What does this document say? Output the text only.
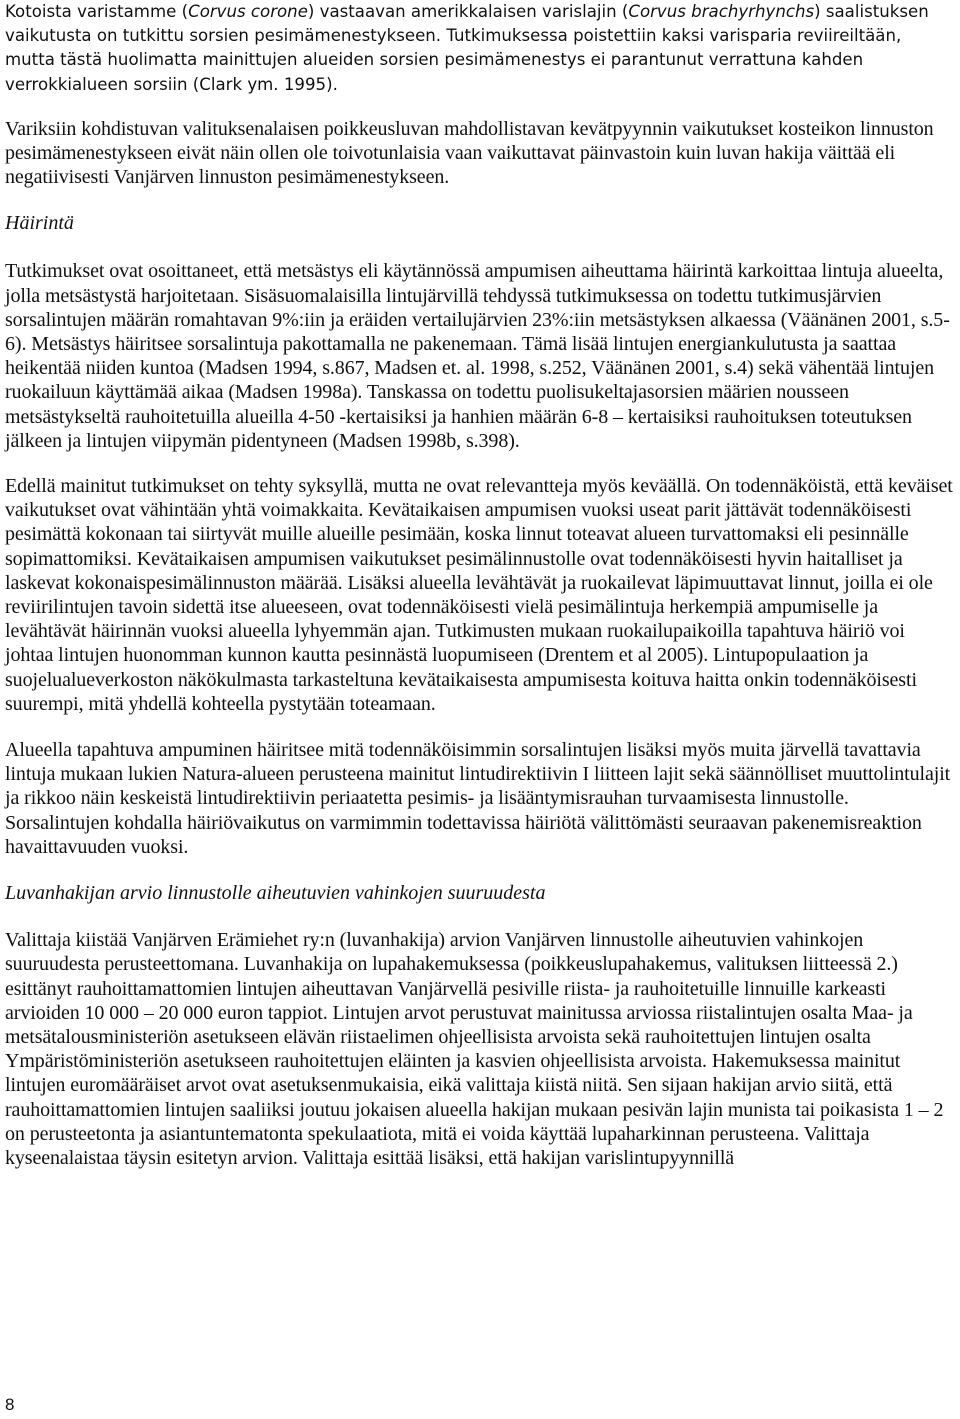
Kotoista varistamme (Corvus corone) vastaavan amerikkalaisen varislajin (Corvus brachyrhynchs) saalistuksen vaikutusta on tutkittu sorsien pesimämenestykseen. Tutkimuksessa poistettiin kaksi varisparia reviireiltään, mutta tästä huolimatta mainittujen alueiden sorsien pesimämenestys ei parantunut verrattuna kahden verrokkialueen sorsiin (Clark ym. 1995).

Variksiin kohdistuvan valituksenalaisen poikkeusluvan mahdollistavan kevätpyynnin vaikutukset kosteikon linnuston pesimämenestykseen eivät näin ollen ole toivotunlaisia vaan vaikuttavat päinvastoin kuin luvan hakija väittää eli negatiivisesti Vanjärven linnuston pesimämenestykseen.

Häirintä

Tutkimukset ovat osoittaneet, että metsästys eli käytännössä ampumisen aiheuttama häirintä karkoittaa lintuja alueelta, jolla metsästystä harjoitetaan. Sisäsuomalaisilla lintujärvillä tehdyssä tutkimuksessa on todettu tutkimusjärvien sorsalintujen määrän romahtavan 9%:iin ja eräiden vertailujärvien 23%:iin metsästyksen alkaessa (Väänänen 2001, s.5-6). Metsästys häiritsee sorsalintuja pakottamalla ne pakenemaan. Tämä lisää lintujen energiankulutusta ja saattaa heikentää niiden kuntoa (Madsen 1994, s.867, Madsen et. al. 1998, s.252, Väänänen 2001, s.4) sekä vähentää lintujen ruokailuun käyttämää aikaa (Madsen 1998a). Tanskassa on todettu puolisukeltajasorsien määrien nousseen metsästykseltä rauhoitetuilla alueilla 4-50 -kertaisiksi ja hanhien määrän 6-8 – kertaisiksi rauhoituksen toteutuksen jälkeen ja lintujen viipymän pidentyneen (Madsen 1998b, s.398).

Edellä mainitut tutkimukset on tehty syksyllä, mutta ne ovat relevantteja myös keväällä. On todennäköistä, että keväiset vaikutukset ovat vähintään yhtä voimakkaita. Kevätaikaisen ampumisen vuoksi useat parit jättävät todennäköisesti pesimättä kokonaan tai siirtyvät muille alueille pesimään, koska linnut toteavat alueen turvattomaksi eli pesinnälle sopimattomiksi. Kevätaikaisen ampumisen vaikutukset pesimälinnustolle ovat todennäköisesti hyvin haitalliset ja laskevat kokonaispesimälinnuston määrää. Lisäksi alueella levähtävät ja ruokailevat läpimuuttavat linnut, joilla ei ole reviirilintujen tavoin sidettä itse alueeseen, ovat todennäköisesti vielä pesimälintuja herkempiä ampumiselle ja levähtävät häirinnän vuoksi alueella lyhyemmän ajan. Tutkimusten mukaan ruokailupaikoilla tapahtuva häiriö voi johtaa lintujen huonomman kunnon kautta pesinnästä luopumiseen (Drentem et al 2005). Lintupopulaation ja suojelualueverkoston näkökulmasta tarkasteltuna kevätaikaisesta ampumisesta koituva haitta onkin todennäköisesti suurempi, mitä yhdellä kohteella pystytään toteamaan.

Alueella tapahtuva ampuminen häiritsee mitä todennäköisimmin sorsalintujen lisäksi myös muita järvellä tavattavia lintuja mukaan lukien Natura-alueen perusteena mainitut lintudirektiivin I liitteen lajit sekä säännölliset muuttolintulajit ja rikkoo näin keskeistä lintudirektiivin periaatetta pesimis- ja lisääntymisrauhan turvaamisesta linnustolle. Sorsalintujen kohdalla häiriövaikutus on varmimmin todettavissa häiriötä välittömästi seuraavan pakenemisreaktion havaittavuuden vuoksi.

Luvanhakijan arvio linnustolle aiheutuvien vahinkojen suuruudesta

Valittaja kiistää Vanjärven Erämiehet ry:n (luvanhakija) arvion Vanjärven linnustolle aiheutuvien vahinkojen suuruudesta perusteettomana. Luvanhakija on lupahakemuksessa (poikkeuslupahakemus, valituksen liitteessä 2.) esittänyt rauhoittamattomien lintujen aiheuttavan Vanjärvellä pesiville riista- ja rauhoitetuille linnuille karkeasti arvioiden 10 000 – 20 000 euron tappiot. Lintujen arvot perustuvat mainitussa arviossa riistalintujen osalta Maa- ja metsätalousministeriön asetukseen elävän riistaelimen ohjeellisista arvoista sekä rauhoitettujen lintujen osalta Ympäristöministeriön asetukseen rauhoitettujen eläinten ja kasvien ohjeellisista arvoista. Hakemuksessa mainitut lintujen euromääräiset arvot ovat asetuksenmukaisia, eikä valittaja kiistä niitä. Sen sijaan hakijan arvio siitä, että rauhoittamattomien lintujen saaliiksi joutuu jokaisen alueella hakijan mukaan pesivän lajin munista tai poikasista 1 – 2 on perusteetonta ja asiantuntematonta spekulaatiota, mitä ei voida käyttää lupaharkinnan perusteena. Valittaja kyseenalaistaa täysin esitetyn arvion. Valittaja esittää lisäksi, että hakijan varislintupyynnillä

8
